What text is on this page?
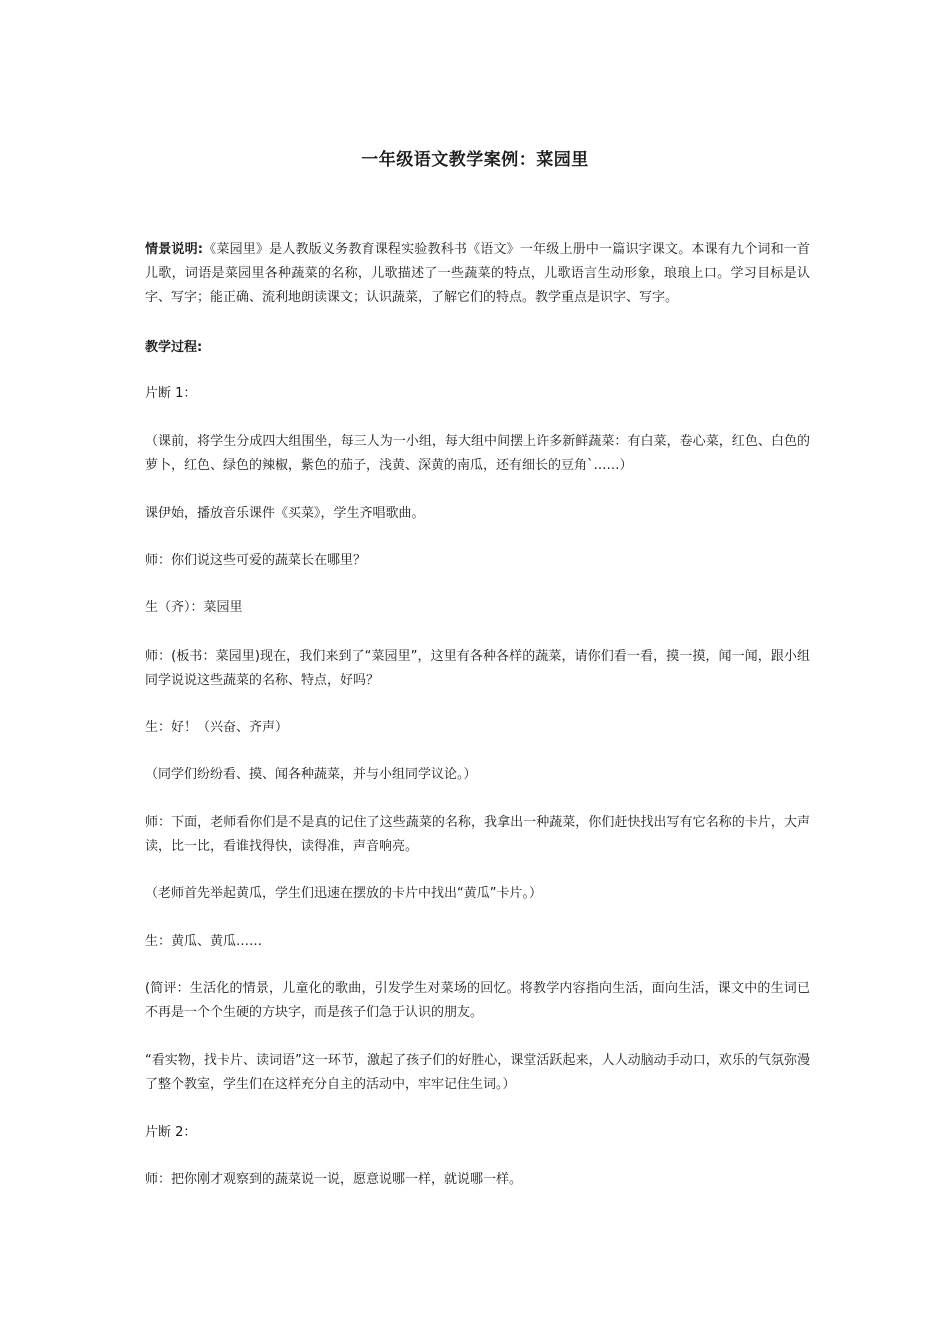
一年级语文教学案例：菜园里

情景说明:《菜园里》是人教版义务教育课程实验教科书《语文》一年级上册中一篇识字课文。本课有九个词和一首儿歌，词语是菜园里各种蔬菜的名称，儿歌描述了一些蔬菜的特点，儿歌语言生动形象，琅琅上口。学习目标是认字、写字；能正确、流利地朗读课文；认识蔬菜，了解它们的特点。教学重点是识字、写字。

教学过程:

片断 1：

（课前，将学生分成四大组围坐，每三人为一小组，每大组中间摆上许多新鲜蔬菜：有白菜，卷心菜，红色、白色的萝卜，红色、绿色的辣椒，紫色的茄子，浅黄、深黄的南瓜，还有细长的豆角`……）

课伊始，播放音乐课件《买菜》，学生齐唱歌曲。

师：你们说这些可爱的蔬菜长在哪里？

生（齐）：菜园里

师：(板书：菜园里)现在，我们来到了“菜园里”，这里有各种各样的蔬菜，请你们看一看，摸一摸，闻一闻，跟小组同学说说这些蔬菜的名称、特点，好吗？

生：好！（兴奋、齐声）

（同学们纷纷看、摸、闻各种蔬菜，并与小组同学议论。）

师：下面，老师看你们是不是真的记住了这些蔬菜的名称，我拿出一种蔬菜，你们赶快找出写有它名称的卡片，大声读，比一比，看谁找得快，读得准，声音响亮。

（老师首先举起黄瓜，学生们迅速在摆放的卡片中找出“黄瓜”卡片。）

生：黄瓜、黄瓜……

(简评：生活化的情景，儿童化的歌曲，引发学生对菜场的回忆。将教学内容指向生活，面向生活，课文中的生词已不再是一个个生硬的方块字，而是孩子们急于认识的朋友。

“看实物，找卡片、读词语”这一环节，激起了孩子们的好胜心，课堂活跃起来，人人动脑动手动口，欢乐的气氛弥漫了整个教室，学生们在这样充分自主的活动中，牢牢记住生词。）

片断 2：

师：把你刚才观察到的蔬菜说一说，愿意说哪一样，就说哪一样。
